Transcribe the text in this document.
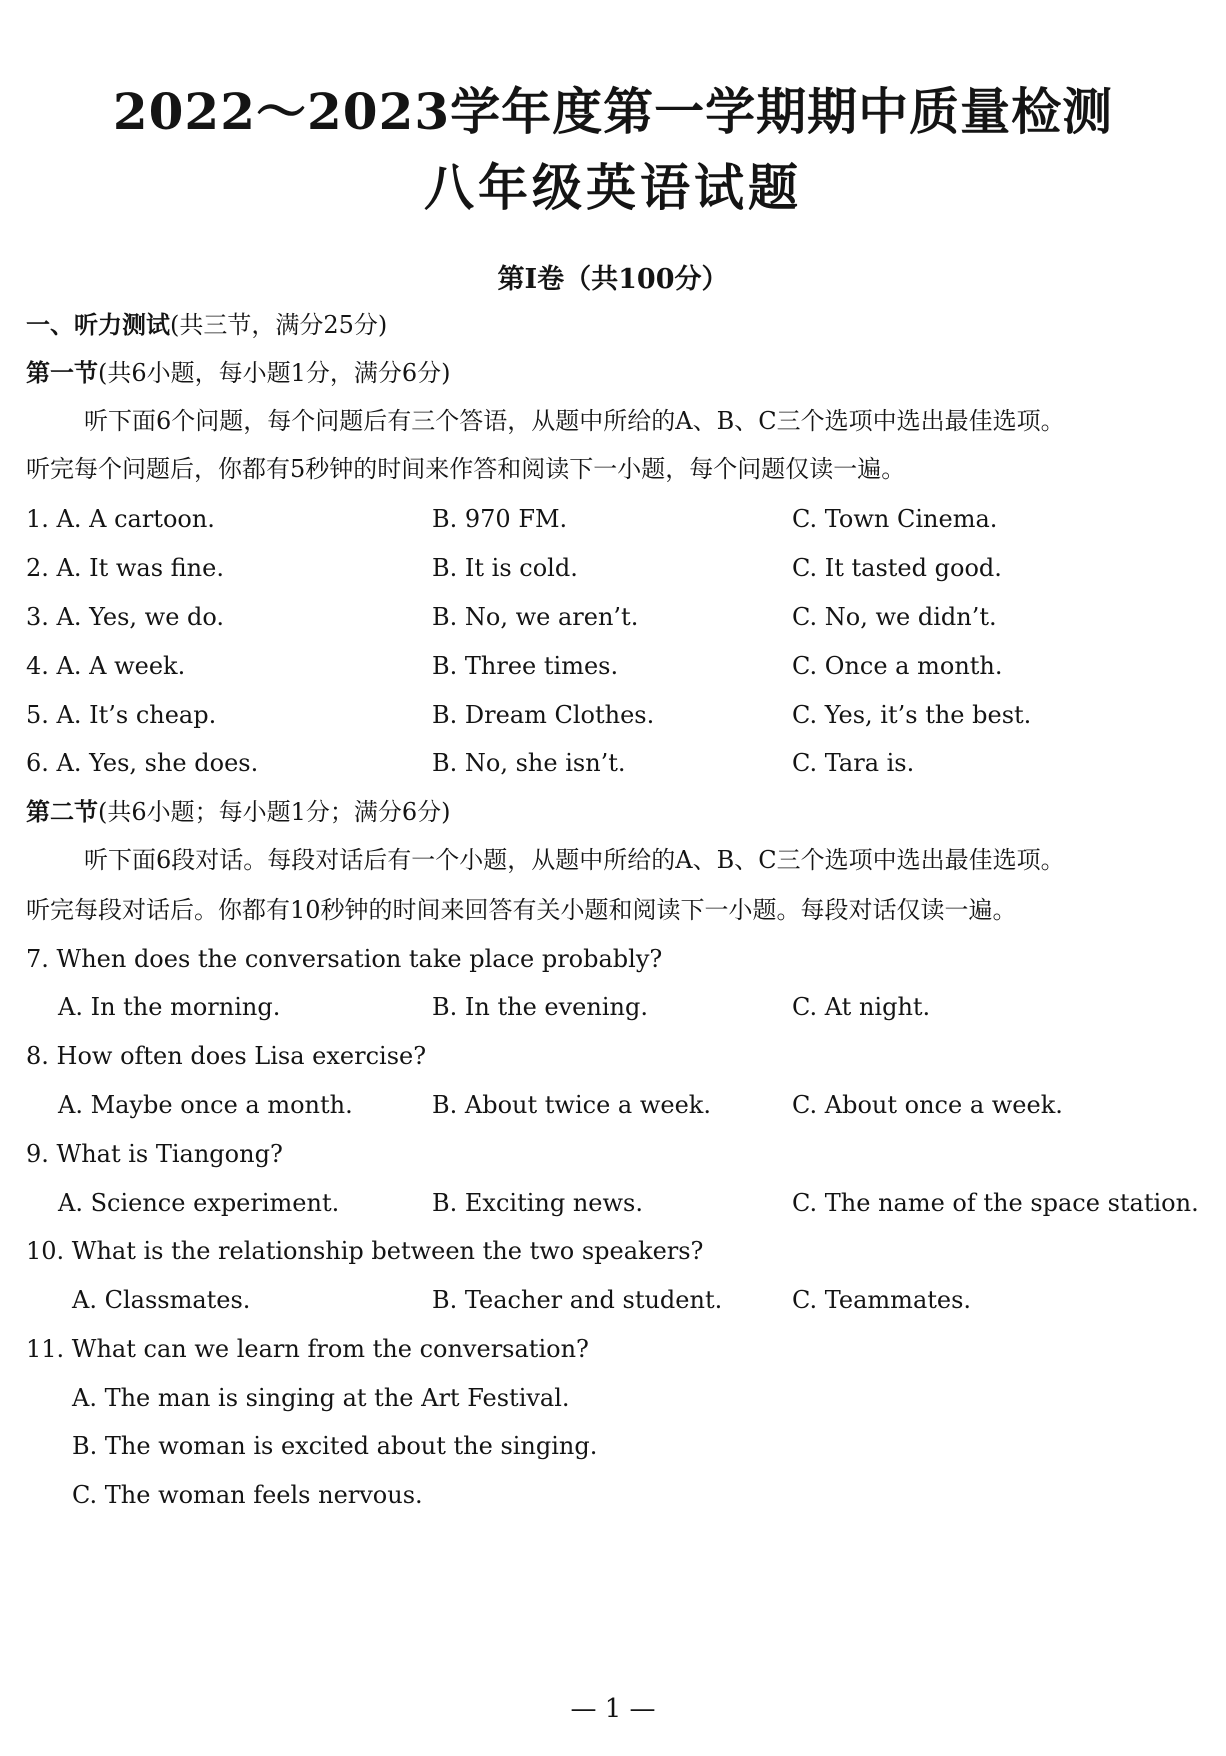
2022～2023学年度第一学期期中质量检测
八年级英语试题
第Ⅰ卷（共100分）
一、听力测试(共三节，满分25分)
第一节(共6小题，每小题1分，满分6分)
听下面6个问题，每个问题后有三个答语，从题中所给的A、B、C三个选项中选出最佳选项。
听完每个问题后，你都有5秒钟的时间来作答和阅读下一小题，每个问题仅读一遍。
1. A. A cartoon.	B. 970 FM.	C. Town Cinema.
2. A. It was fine.	B. It is cold.	C. It tasted good.
3. A. Yes, we do.	B. No, we aren’t.	C. No, we didn’t.
4. A. A week.	B. Three times.	C. Once a month.
5. A. It’s cheap.	B. Dream Clothes.	C. Yes, it’s the best.
6. A. Yes, she does.	B. No, she isn’t.	C. Tara is.
第二节(共6小题；每小题1分；满分6分)
听下面6段对话。每段对话后有一个小题，从题中所给的A、B、C三个选项中选出最佳选项。
听完每段对话后。你都有10秒钟的时间来回答有关小题和阅读下一小题。每段对话仅读一遍。
7. When does the conversation take place probably?
A. In the morning.	B. In the evening.	C. At night.
8. How often does Lisa exercise?
A. Maybe once a month.	B. About twice a week.	C. About once a week.
9. What is Tiangong?
A. Science experiment.	B. Exciting news.	C. The name of the space station.
10. What is the relationship between the two speakers?
A. Classmates.	B. Teacher and student.	C. Teammates.
11. What can we learn from the conversation?
A. The man is singing at the Art Festival.
B. The woman is excited about the singing.
C. The woman feels nervous.
— 1 —
